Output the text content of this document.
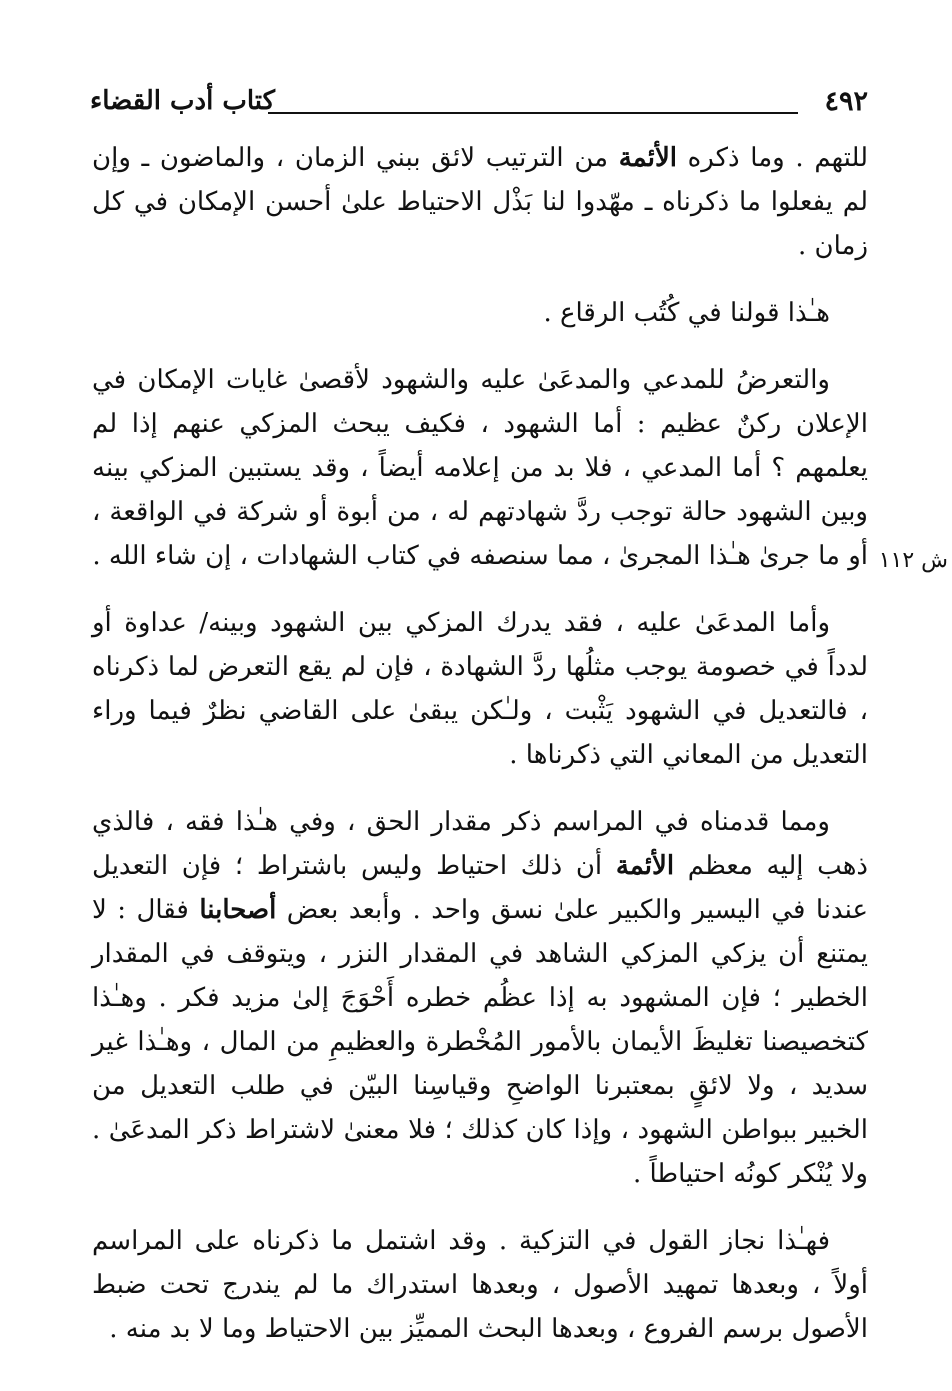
٤٩٢
كتاب أدب القضاء
ش ١١٢

للتهم . وما ذكره الأئمة من الترتيب لائق ببني الزمان ، والماضون ـ وإن لم يفعلوا ما ذكرناه ـ مهّدوا لنا بَذْل الاحتياط علىٰ أحسن الإمكان في كل زمان .

هـٰذا قولنا في كُتُب الرقاع .

والتعرضُ للمدعي والمدعَىٰ عليه والشهود لأقصىٰ غايات الإمكان في الإعلان ركنٌ عظيم : أما الشهود ، فكيف يبحث المزكي عنهم إذا لم يعلمهم ؟ أما المدعي ، فلا بد من إعلامه أيضاً ، وقد يستبين المزكي بينه وبين الشهود حالة توجب ردَّ شهادتهم له ، من أبوة أو شركة في الواقعة ، أو ما جرىٰ هـٰذا المجرىٰ ، مما سنصفه في كتاب الشهادات ، إن شاء الله .

وأما المدعَىٰ عليه ، فقد يدرك المزكي بين الشهود وبينه/ عداوة أو لدداً في خصومة يوجب مثلُها ردَّ الشهادة ، فإن لم يقع التعرض لما ذكرناه ، فالتعديل في الشهود يَثْبت ، ولـٰكن يبقىٰ على القاضي نظرٌ فيما وراء التعديل من المعاني التي ذكرناها .

ومما قدمناه في المراسم ذكر مقدار الحق ، وفي هـٰذا فقه ، فالذي ذهب إليه معظم الأئمة أن ذلك احتياط وليس باشتراط ؛ فإن التعديل عندنا في اليسير والكبير علىٰ نسق واحد . وأبعد بعض أصحابنا فقال : لا يمتنع أن يزكي المزكي الشاهد في المقدار النزر ، ويتوقف في المقدار الخطير ؛ فإن المشهود به إذا عظُم خطره أَحْوَجَ إلىٰ مزيد فكر . وهـٰذا كتخصيصنا تغليظَ الأيمان بالأمور المُخْطرة والعظيمِ من المال ، وهـٰذا غير سديد ، ولا لائقٍ بمعتبرنا الواضحِ وقياسِنا البيّن في طلب التعديل من الخبير ببواطن الشهود ، وإذا كان كذلك ؛ فلا معنىٰ لاشتراط ذكر المدعَىٰ . ولا يُنْكر كونُه احتياطاً .

فهـٰذا نجاز القول في التزكية . وقد اشتمل ما ذكرناه على المراسم أولاً ، وبعدها تمهيد الأصول ، وبعدها استدراك ما لم يندرج تحت ضبط الأصول برسم الفروع ، وبعدها البحث المميِّز بين الاحتياط وما لا بد منه .
